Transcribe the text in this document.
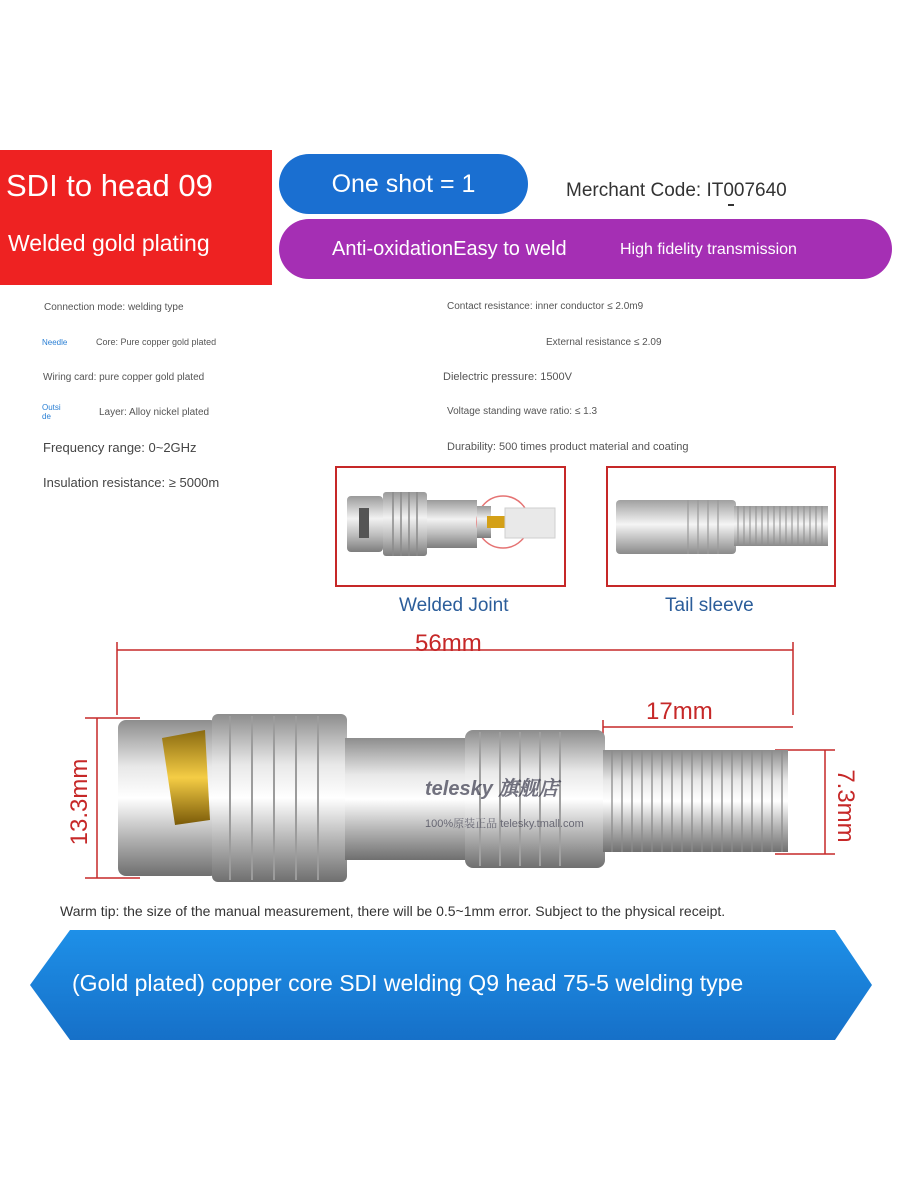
SDI to head 09
Welded gold plating
One shot = 1	Merchant Code: IT007640
Anti-oxidationEasy to weld	High fidelity transmission
Connection mode: welding type
Needle	Core: Pure copper gold plated
Wiring card: pure copper gold plated
Outsi
de	Layer: Alloy nickel plated
Frequency range: 0~2GHz
Insulation resistance: ≥ 5000m
Contact resistance: inner conductor ≤ 2.0m9
External resistance ≤ 2.09
Dielectric pressure: 1500V
Voltage standing wave ratio: ≤ 1.3
Durability: 500 times product material and coating
Welded Joint	Tail sleeve
56mm
17mm
13.3mm	7.3mm
telesky 旗舰店
100%原装正品 telesky.tmall.com
Warm tip: the size of the manual measurement, there will be 0.5~1mm error. Subject to the physical receipt.
(Gold plated) copper core SDI welding Q9 head 75-5 welding type
